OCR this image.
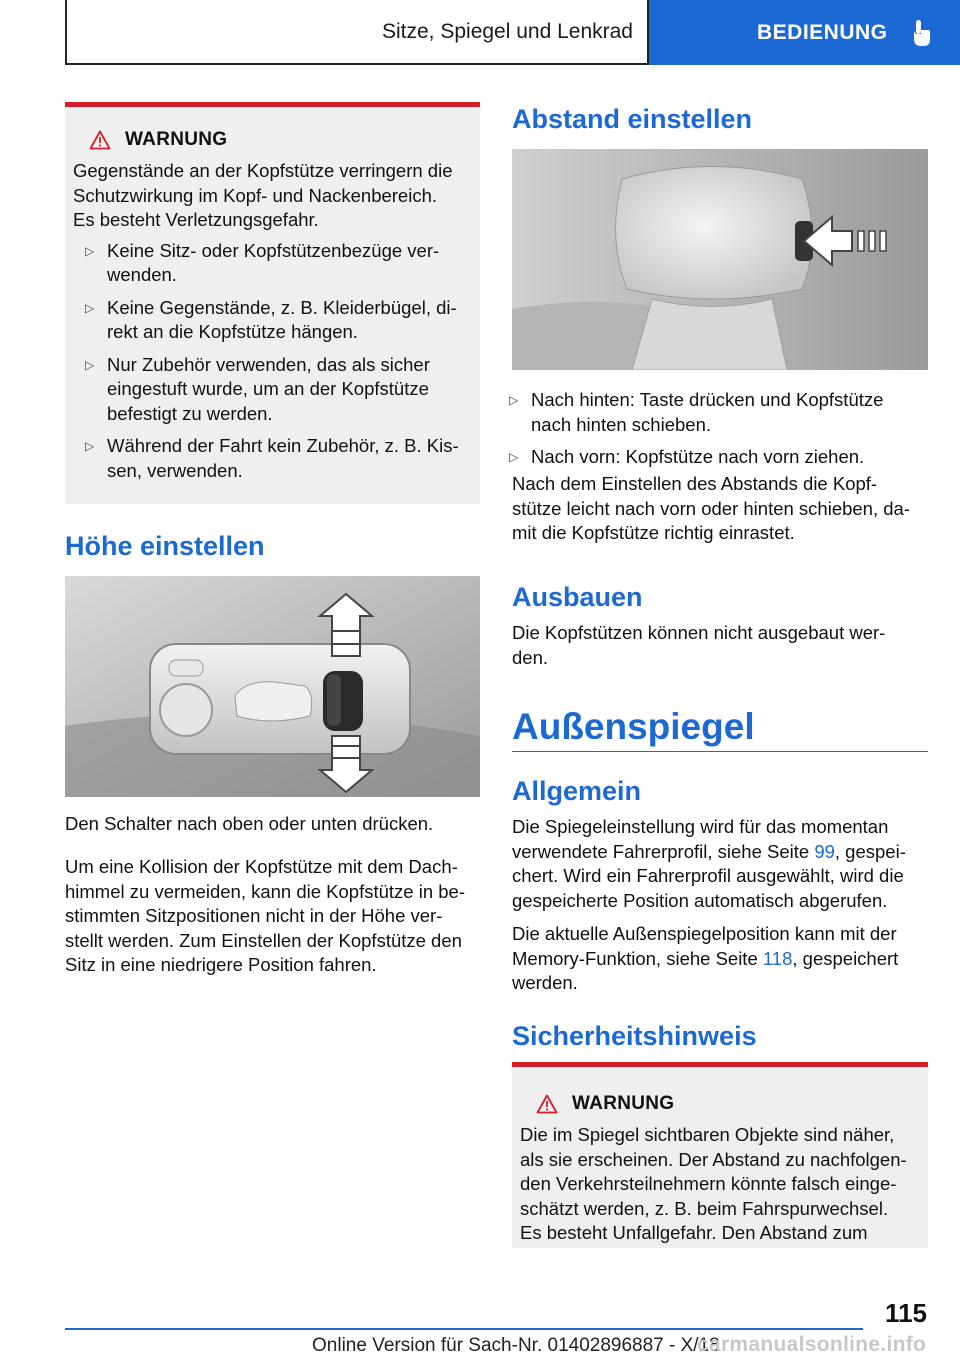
Sitze, Spiegel und Lenkrad	BEDIENUNG
WARNUNG

Gegenstände an der Kopfstütze verringern die

Schutzwirkung im Kopf- und Nackenbereich.

Es besteht Verletzungsgefahr.

▷ Keine Sitz- oder Kopfstützenbezüge ver-
wenden.
▷ Keine Gegenstände, z. B. Kleiderbügel, di-
rekt an die Kopfstütze hängen.
▷ Nur Zubehör verwenden, das als sicher
eingestuft wurde, um an der Kopfstütze
befestigt zu werden.
▷ Während der Fahrt kein Zubehör, z. B. Kis-
sen, verwenden.
Höhe einstellen
Den Schalter nach oben oder unten drücken.
Um eine Kollision der Kopfstütze mit dem Dach-
himmel zu vermeiden, kann die Kopfstütze in be-
stimmten Sitzpositionen nicht in der Höhe ver-
stellt werden. Zum Einstellen der Kopfstütze den
Sitz in eine niedrigere Position fahren.
Abstand einstellen
▷ Nach hinten: Taste drücken und Kopfstütze
nach hinten schieben.
▷ Nach vorn: Kopfstütze nach vorn ziehen.
Nach dem Einstellen des Abstands die Kopf-
stütze leicht nach vorn oder hinten schieben, da-
mit die Kopfstütze richtig einrastet.
Ausbauen
Die Kopfstützen können nicht ausgebaut wer-
den.
Außenspiegel
Allgemein
Die Spiegeleinstellung wird für das momentan
verwendete Fahrerprofil, siehe Seite 99, gespei-
chert. Wird ein Fahrerprofil ausgewählt, wird die
gespeicherte Position automatisch abgerufen.
Die aktuelle Außenspiegelposition kann mit der
Memory-Funktion, siehe Seite 118, gespeichert
werden.
Sicherheitshinweis
WARNUNG

Die im Spiegel sichtbaren Objekte sind näher,
als sie erscheinen. Der Abstand zu nachfolgen-
den Verkehrsteilnehmern könnte falsch einge-
schätzt werden, z. B. beim Fahrspurwechsel.
Es besteht Unfallgefahr. Den Abstand zum

115
Online Version für Sach-Nr. 01402896887 - X/18
carmanualsonline.info
